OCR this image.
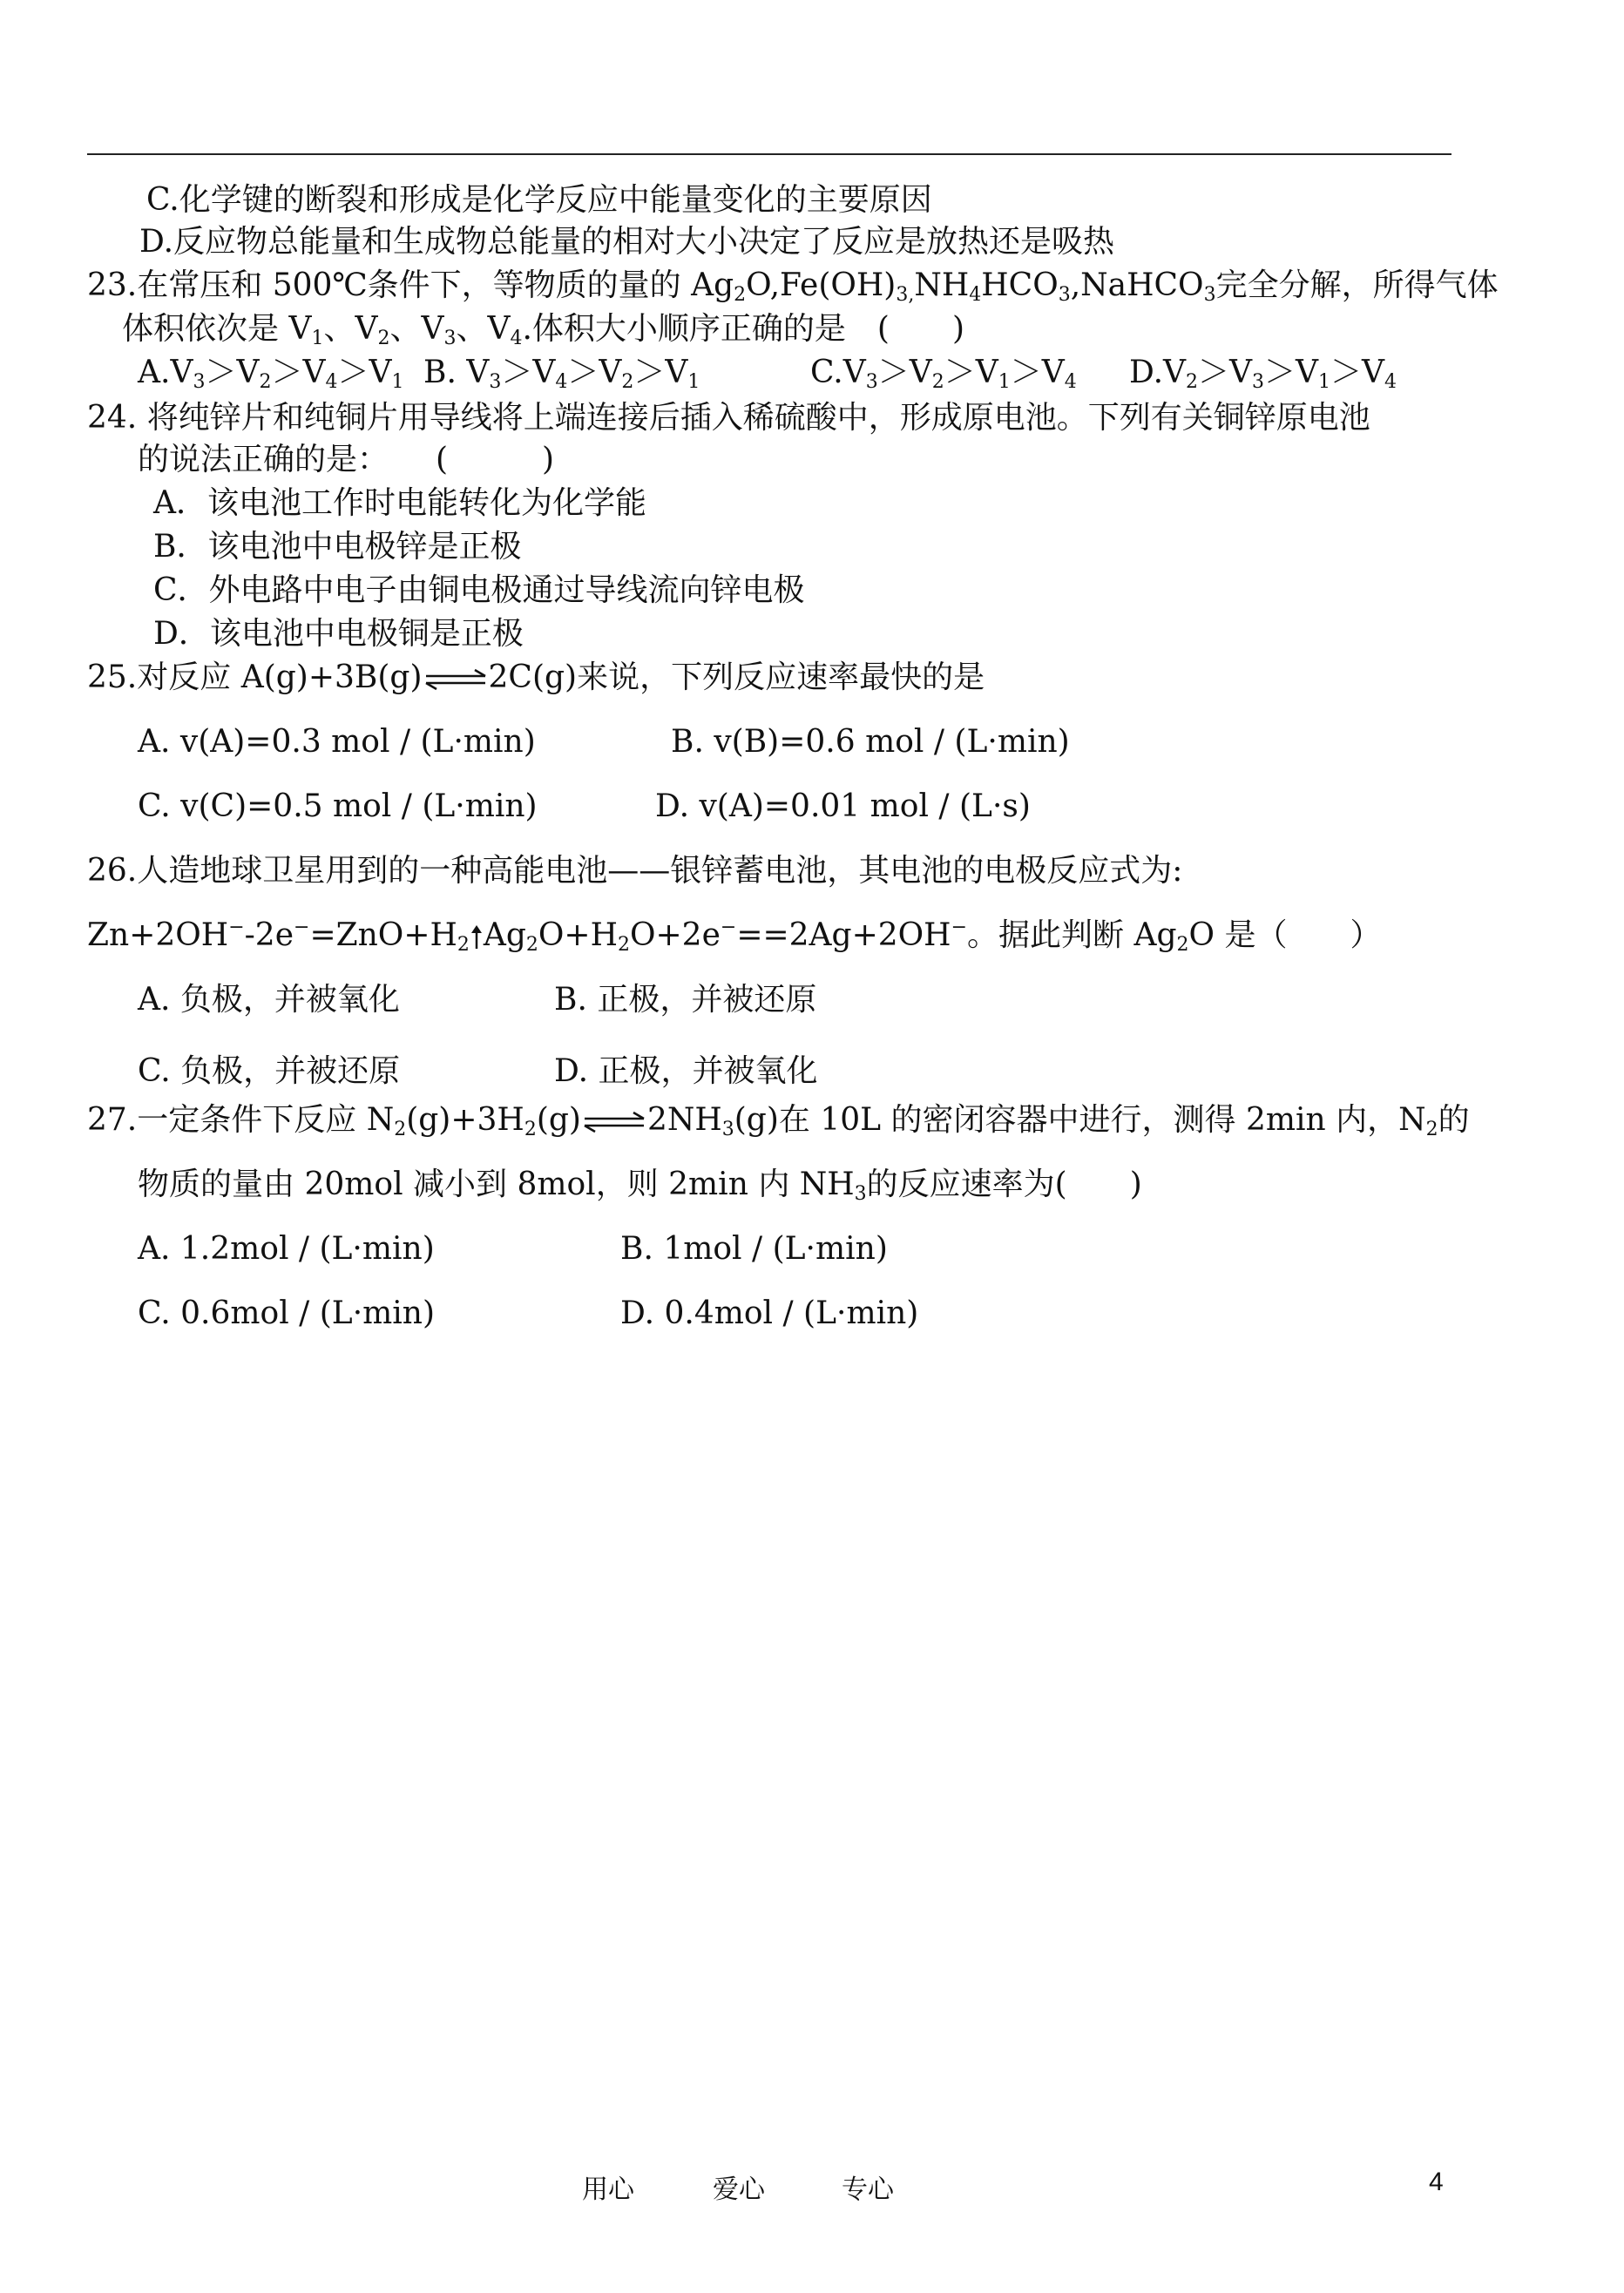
C.化学键的断裂和形成是化学反应中能量变化的主要原因
D.反应物总能量和生成物总能量的相对大小决定了反应是放热还是吸热
23.在常压和 500℃条件下，等物质的量的 $Ag_2O,Fe(OH)_{3,}NH_4HCO_3,NaHCO_3$完全分解，所得气体
体积依次是 $V_1$、$V_2$、$V_3$、$V_4$.体积大小顺序正确的是　(　　)
$A.V_3>V_2>V_4>V_1$ B. $V_3>V_4>V_2>V_1$	$C.V_3>V_2>V_1>V_4$ $D.V_2>V_3>V_1>V_4$
24. 将纯锌片和纯铜片用导线将上端连接后插入稀硫酸中，形成原电池。下列有关铜锌原电池
的说法正确的是：　　(　　　)
A．该电池工作时电能转化为化学能
B．该电池中电极锌是正极
C．外电路中电子由铜电极通过导线流向锌电极
D．该电池中电极铜是正极
25.对反应 A(g)+3B(g) ⇌ 2C(g)来说，下列反应速率最快的是
A. v(A)=0.3 mol / (L·min)	B. v(B)=0.6 mol / (L·min)
C. v(C)=0.5 mol / (L·min)	D. v(A)=0.01 mol / (L·s)
26.人造地球卫星用到的一种高能电池——银锌蓄电池，其电池的电极反应式为:
$Zn+2OH^--2e^-=ZnO+H_2$ $Ag_2O+H_2O+2e^-==2Ag+2OH^-$。据此判断 $Ag_2O$ 是（　　）
A. 负极，并被氧化	B. 正极，并被还原
C. 负极，并被还原	D. 正极，并被氧化
27.一定条件下反应 $N_2(g)+3H_2(g)$ ⇌ $2NH_3(g)$在 10L 的密闭容器中进行，测得 2min 内，$N_2$的
物质的量由 20mol 减小到 8mol，则 2min 内 $NH_3$的反应速率为(　　)
A. 1.2mol / (L·min)	B. 1mol / (L·min)
C. 0.6mol / (L·min)	D. 0.4mol / (L·min)
用心	爱心	专心	4
